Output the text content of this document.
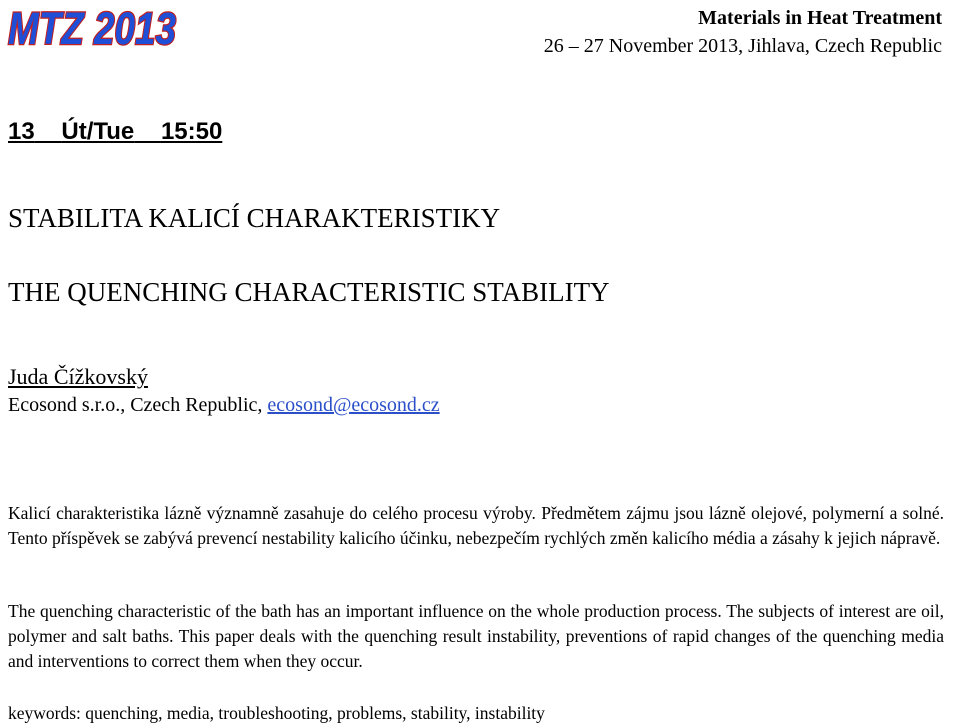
MTZ 2013	Materials in Heat Treatment
26 – 27 November 2013, Jihlava, Czech Republic
13 Út/Tue 15:50
STABILITA KALICÍ CHARAKTERISTIKY
THE QUENCHING CHARACTERISTIC STABILITY
Juda Čížkovský
Ecosond s.r.o., Czech Republic, ecosond@ecosond.cz
Kalicí charakteristika lázně významně zasahuje do celého procesu výroby. Předmětem zájmu jsou lázně olejové, polymerní a solné. Tento příspěvek se zabývá prevencí nestability kalicího účinku, nebezpečím rychlých změn kalicího média a zásahy k jejich nápravě.
The quenching characteristic of the bath has an important influence on the whole production process. The subjects of interest are oil, polymer and salt baths. This paper deals with the quenching result instability, preventions of rapid changes of the quenching media and interventions to correct them when they occur.
keywords: quenching, media, troubleshooting, problems, stability, instability
